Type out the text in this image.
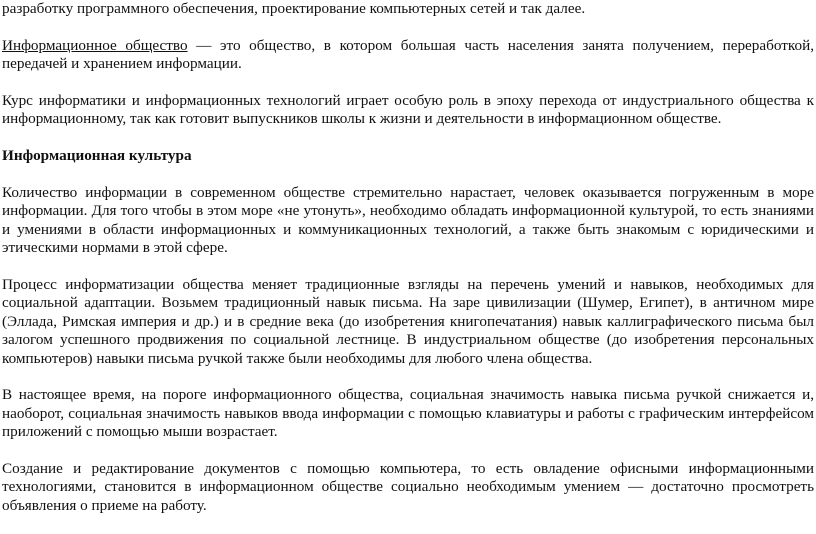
разработку программного обеспечения, проектирование компьютерных сетей и так далее.

Информационное общество — это общество, в котором большая часть населения занята получением, переработкой, передачей и хранением информации.

Курс информатики и информационных технологий играет особую роль в эпоху перехода от индустриального общества к информационному, так как готовит выпускников школы к жизни и деятельности в информационном обществе.

Информационная культура

Количество информации в современном обществе стремительно нарастает, человек оказывается погруженным в море информации. Для того чтобы в этом море «не утонуть», необходимо обладать информационной культурой, то есть знаниями и умениями в области информационных и коммуникационных технологий, а также быть знакомым с юридическими и этическими нормами в этой сфере.

Процесс информатизации общества меняет традиционные взгляды на перечень умений и навыков, необходимых для социальной адаптации. Возьмем традиционный навык письма. На заре цивилизации (Шумер, Египет), в античном мире (Эллада, Римская империя и др.) и в средние века (до изобретения книгопечатания) навык каллиграфического письма был залогом успешного продвижения по социальной лестнице. В индустриальном обществе (до изобретения персональных компьютеров) навыки письма ручкой также были необходимы для любого члена общества.

В настоящее время, на пороге информационного общества, социальная значимость навыка письма ручкой снижается и, наоборот, социальная значимость навыков ввода информации с помощью клавиатуры и работы с графическим интерфейсом приложений с помощью мыши возрастает.

Создание и редактирование документов с помощью компьютера, то есть овладение офисными информационными технологиями, становится в информационном обществе социально необходимым умением — достаточно просмотреть объявления о приеме на работу.
